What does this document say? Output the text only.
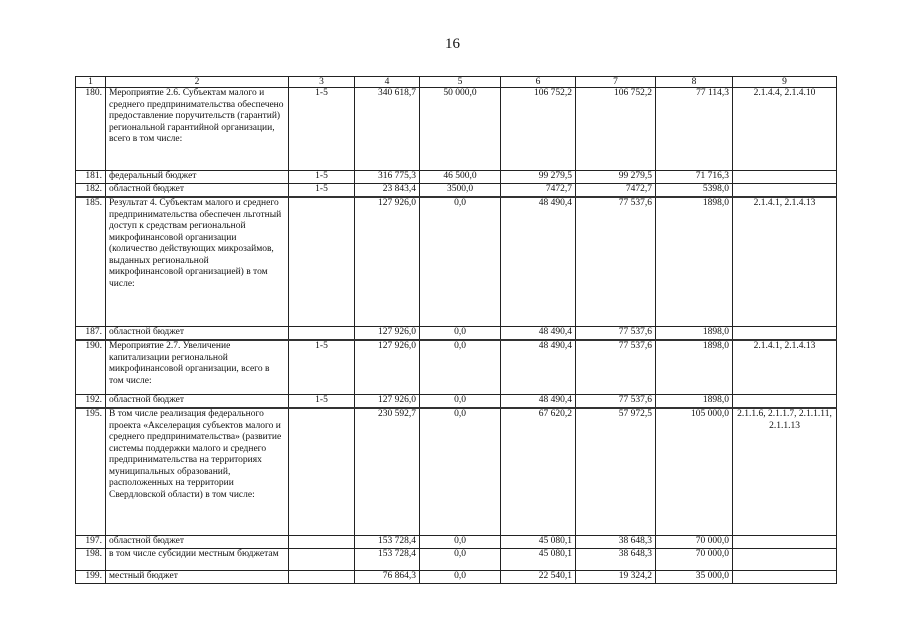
16
1	2	3	4	5	6	7	8	9
180.	Мероприятие 2.6. Субъектам малого и среднего предпринимательства обеспечено предоставление поручительств (гарантий) региональной гарантийной организации, всего в том числе:	1-5	340 618,7	50 000,0	106 752,2	106 752,2	77 114,3	2.1.4.4, 2.1.4.10
181.	федеральный бюджет	1-5	316 775,3	46 500,0	99 279,5	99 279,5	71 716,3	
182.	областной бюджет	1-5	23 843,4	3500,0	7472,7	7472,7	5398,0	
185.	Результат 4. Субъектам малого и среднего предпринимательства обеспечен льготный доступ к средствам региональной микрофинансовой организации (количество действующих микрозаймов, выданных региональной микрофинансовой организацией) в том числе:		127 926,0	0,0	48 490,4	77 537,6	1898,0	2.1.4.1, 2.1.4.13
187.	областной бюджет		127 926,0	0,0	48 490,4	77 537,6	1898,0	
190.	Мероприятие 2.7. Увеличение капитализации региональной микрофинансовой организации, всего в том числе:	1-5	127 926,0	0,0	48 490,4	77 537,6	1898,0	2.1.4.1, 2.1.4.13
192.	областной бюджет	1-5	127 926,0	0,0	48 490,4	77 537,6	1898,0	
195.	В том числе реализация федерального проекта «Акселерация субъектов малого и среднего предпринимательства» (развитие системы поддержки малого и среднего предпринимательства на территориях муниципальных образований, расположенных на территории Свердловской области) в том числе:		230 592,7	0,0	67 620,2	57 972,5	105 000,0	2.1.1.6, 2.1.1.7, 2.1.1.11, 2.1.1.13
197.	областной бюджет		153 728,4	0,0	45 080,1	38 648,3	70 000,0	
198.	в том числе субсидии местным бюджетам		153 728,4	0,0	45 080,1	38 648,3	70 000,0	
199.	местный бюджет		76 864,3	0,0	22 540,1	19 324,2	35 000,0	
